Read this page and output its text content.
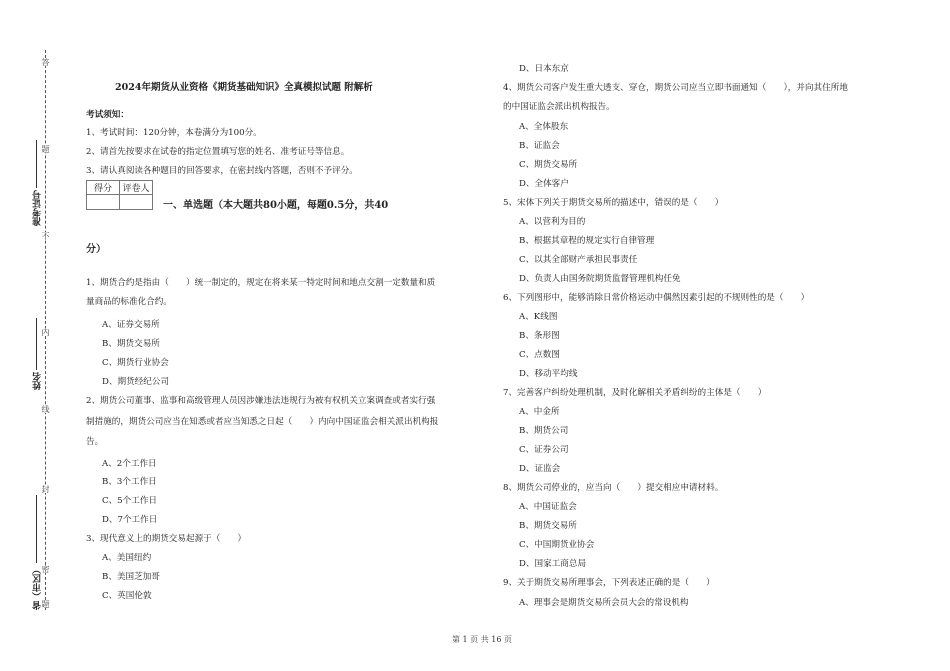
答
题
不
内
线
封
密
题
准考证号
姓名
省（市区）
2024年期货从业资格《期货基础知识》全真模拟试题 附解析
考试须知：
1、考试时间：120分钟，本卷满分为100分。
2、请首先按要求在试卷的指定位置填写您的姓名、准考证号等信息。
3、请认真阅读各种题目的回答要求，在密封线内答题，否则不予评分。
得分	评卷人

一、单选题（本大题共80小题，每题0.5分，共40
分）
1、期货合约是指由（　　）统一制定的，规定在将来某一特定时间和地点交割一定数量和质
量商品的标准化合约。
A、证券交易所
B、期货交易所
C、期货行业协会
D、期货经纪公司
2、期货公司董事、监事和高级管理人员因涉嫌违法违规行为被有权机关立案调查或者实行强
制措施的，期货公司应当在知悉或者应当知悉之日起（　　）内向中国证监会相关派出机构报
告。
A、2个工作日
B、3个工作日
C、5个工作日
D、7个工作日
3、现代意义上的期货交易起源于（　　）
A、美国纽约
B、美国芝加哥
C、英国伦敦
D、日本东京
4、期货公司客户发生重大透支、穿仓，期货公司应当立即书面通知（　　），并向其住所地
的中国证监会派出机构报告。
A、全体股东
B、证监会
C、期货交易所
D、全体客户
5、宋体下列关于期货交易所的描述中，错误的是（　　）
A、以营利为目的
B、根据其章程的规定实行自律管理
C、以其全部财产承担民事责任
D、负责人由国务院期货监督管理机构任免
6、下列图形中，能够消除日常价格运动中偶然因素引起的不规则性的是（　　）
A、K线图
B、条形图
C、点数图
D、移动平均线
7、完善客户纠纷处理机制，及时化解相关矛盾纠纷的主体是（　　）
A、中金所
B、期货公司
C、证券公司
D、证监会
8、期货公司停业的，应当向（　　）提交相应申请材料。
A、中国证监会
B、期货交易所
C、中国期货业协会
D、国家工商总局
9、关于期货交易所理事会，下列表述正确的是（　　）
A、理事会是期货交易所会员大会的常设机构
第 1 页 共 16 页
